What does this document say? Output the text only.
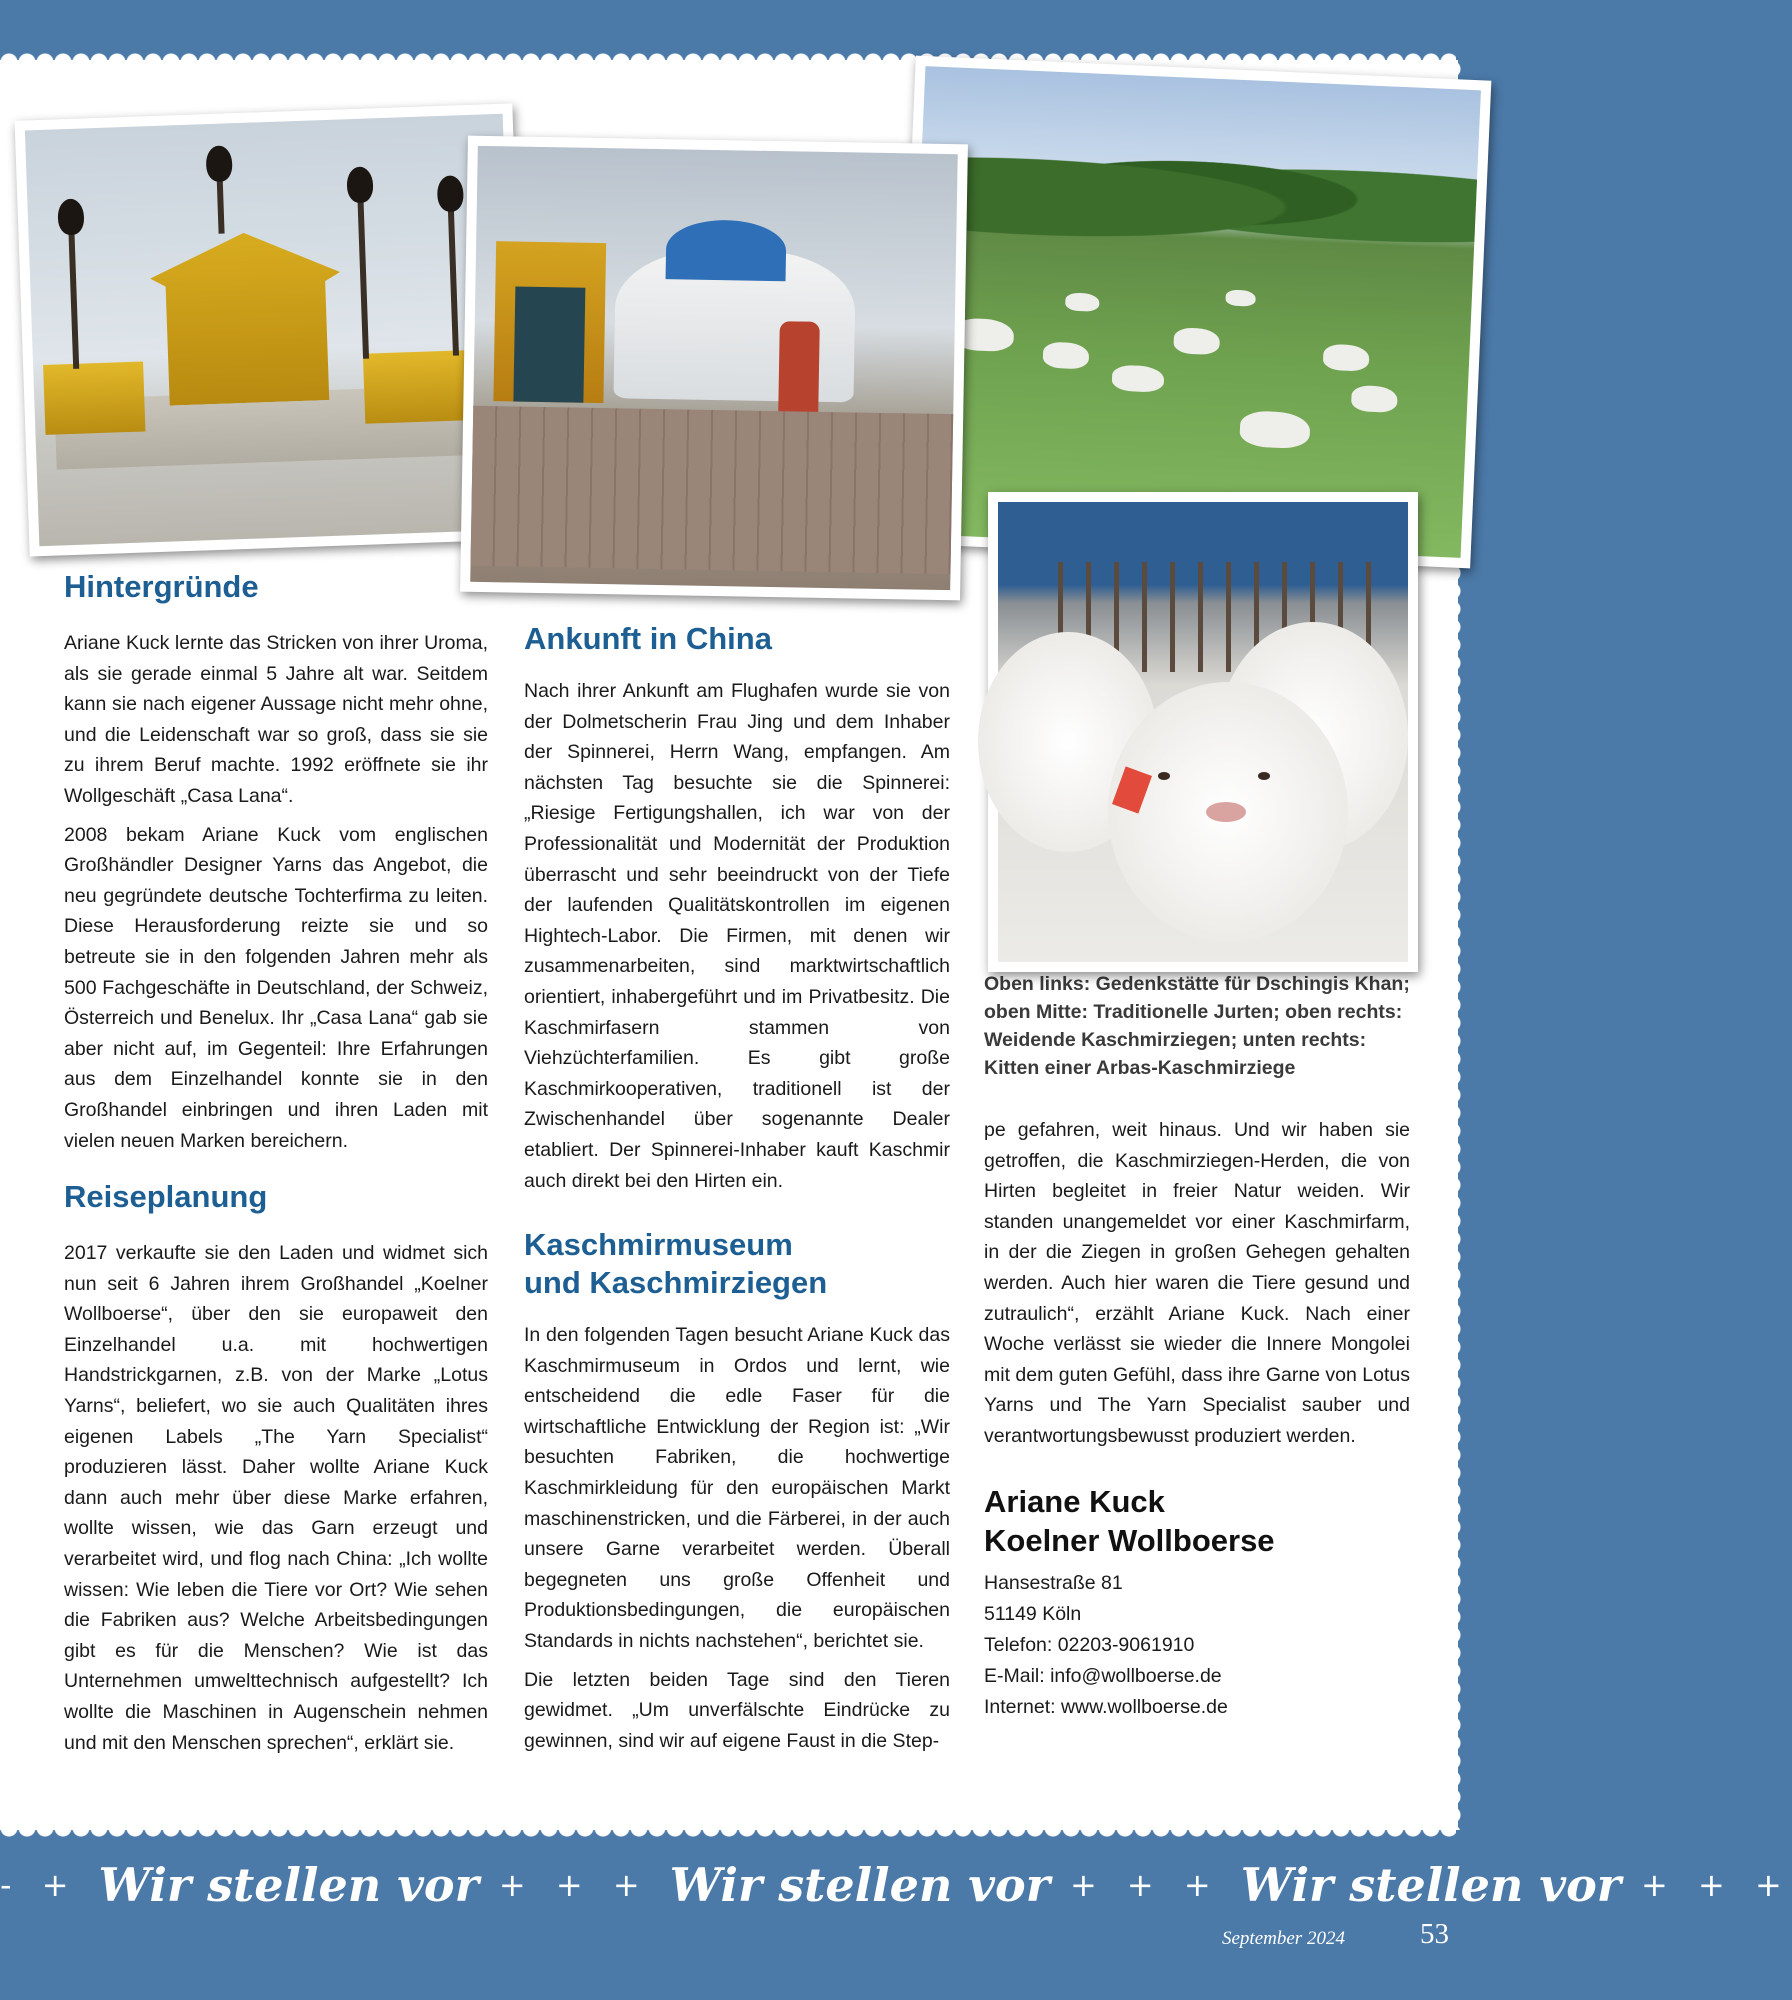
Hintergründe

Ariane Kuck lernte das Stricken von ihrer Uroma, als sie gerade einmal 5 Jahre alt war. Seitdem kann sie nach eigener Aussage nicht mehr ohne, und die Leidenschaft war so groß, dass sie sie zu ihrem Beruf machte. 1992 eröffnete sie ihr Wollgeschäft „Casa Lana“.

2008 bekam Ariane Kuck vom englischen Großhändler Designer Yarns das Angebot, die neu gegründete deutsche Tochterfirma zu leiten. Diese Herausforderung reizte sie und so betreute sie in den folgenden Jahren mehr als 500 Fachgeschäfte in Deutschland, der Schweiz, Österreich und Benelux. Ihr „Casa Lana“ gab sie aber nicht auf, im Gegenteil: Ihre Erfahrungen aus dem Einzelhandel konnte sie in den Großhandel einbringen und ihren Laden mit vielen neuen Marken bereichern.

Reiseplanung

2017 verkaufte sie den Laden und widmet sich nun seit 6 Jahren ihrem Großhandel „Koelner Wollboerse“, über den sie europaweit den Einzelhandel u.a. mit hochwertigen Handstrickgarnen, z.B. von der Marke „Lotus Yarns“, beliefert, wo sie auch Qualitäten ihres eigenen Labels „The Yarn Specialist“ produzieren lässt. Daher wollte Ariane Kuck dann auch mehr über diese Marke erfahren, wollte wissen, wie das Garn erzeugt und verarbeitet wird, und flog nach China: „Ich wollte wissen: Wie leben die Tiere vor Ort? Wie sehen die Fabriken aus? Welche Arbeitsbedingungen gibt es für die Menschen? Wie ist das Unternehmen umwelttechnisch aufgestellt? Ich wollte die Maschinen in Augenschein nehmen und mit den Menschen sprechen“, erklärt sie.

Ankunft in China

Nach ihrer Ankunft am Flughafen wurde sie von der Dolmetscherin Frau Jing und dem Inhaber der Spinnerei, Herrn Wang, empfangen. Am nächsten Tag besuchte sie die Spinnerei: „Riesige Fertigungshallen, ich war von der Professionalität und Modernität der Produktion überrascht und sehr beeindruckt von der Tiefe der laufenden Qualitätskontrollen im eigenen Hightech-Labor. Die Firmen, mit denen wir zusammenarbeiten, sind marktwirtschaftlich orientiert, inhabergeführt und im Privatbesitz. Die Kaschmirfasern stammen von Viehzüchterfamilien. Es gibt große Kaschmirkooperativen, traditionell ist der Zwischenhandel über sogenannte Dealer etabliert. Der Spinnerei-Inhaber kauft Kaschmir auch direkt bei den Hirten ein.

Kaschmirmuseum
und Kaschmirziegen

In den folgenden Tagen besucht Ariane Kuck das Kaschmirmuseum in Ordos und lernt, wie entscheidend die edle Faser für die wirtschaftliche Entwicklung der Region ist: „Wir besuchten Fabriken, die hochwertige Kaschmirkleidung für den europäischen Markt maschinenstricken, und die Färberei, in der auch unsere Garne verarbeitet werden. Überall begegneten uns große Offenheit und Produktionsbedingungen, die europäischen Standards in nichts nachstehen“, berichtet sie.

Die letzten beiden Tage sind den Tieren gewidmet. „Um unverfälschte Eindrücke zu gewinnen, sind wir auf eigene Faust in die Step-

Oben links: Gedenkstätte für Dschingis Khan; oben Mitte: Traditionelle Jurten; oben rechts: Weidende Kaschmirziegen; unten rechts: Kitten einer Arbas-Kaschmirziege

pe gefahren, weit hinaus. Und wir haben sie getroffen, die Kaschmirziegen-Herden, die von Hirten begleitet in freier Natur weiden. Wir standen unangemeldet vor einer Kaschmirfarm, in der die Ziegen in großen Gehegen gehalten werden. Auch hier waren die Tiere gesund und zutraulich“, erzählt Ariane Kuck. Nach einer Woche verlässt sie wieder die Innere Mongolei mit dem guten Gefühl, dass ihre Garne von Lotus Yarns und The Yarn Specialist sauber und verantwortungsbewusst produziert werden.

Ariane Kuck
Koelner Wollboerse
Hansestraße 81
51149 Köln
Telefon: 02203-9061910
E-Mail: info@wollboerse.de
Internet: www.wollboerse.de
- + Wir stellen vor + + + Wir stellen vor + + + Wir stellen vor + + +
September 2024	53
